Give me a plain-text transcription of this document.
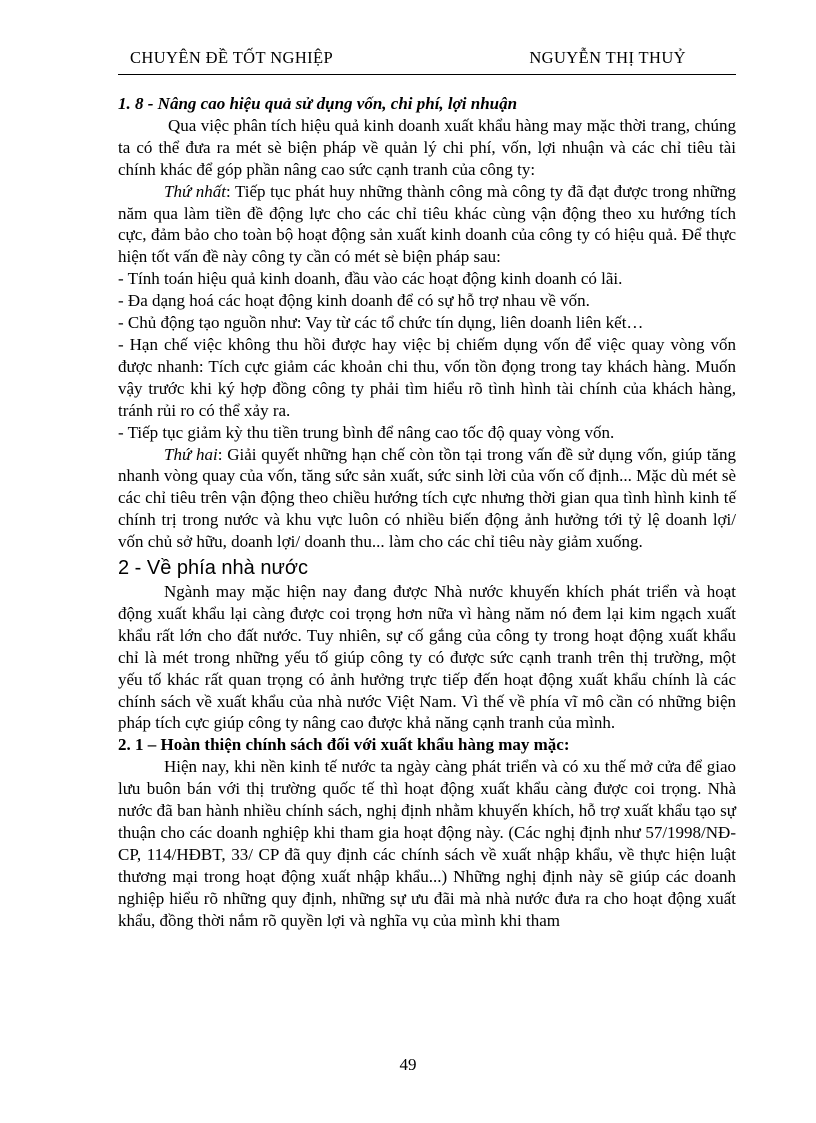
CHUYÊN ĐỀ TỐT NGHIỆP	NGUYỄN THỊ THUỶ

1. 8 - Nâng cao hiệu quả sử dụng vốn, chi phí, lợi nhuận

Qua việc phân tích hiệu quả kinh doanh xuất khẩu hàng may mặc thời trang, chúng ta có thể đưa ra mét sè biện pháp về quản lý chi phí, vốn, lợi nhuận và các chỉ tiêu tài chính khác để góp phần nâng cao sức cạnh tranh của công ty:

Thứ nhất: Tiếp tục phát huy những thành công mà công ty đã đạt được trong những năm qua làm tiền đề động lực cho các chỉ tiêu khác cùng vận động theo xu hướng tích cực, đảm bảo cho toàn bộ hoạt động sản xuất kinh doanh của công ty có hiệu quả. Để thực hiện tốt vấn đề này công ty cần có mét sè biện pháp sau:

- Tính toán hiệu quả kinh doanh, đầu vào các hoạt động kinh doanh có lãi.

- Đa dạng hoá các hoạt động kinh doanh để có sự hỗ trợ nhau về vốn.

- Chủ động tạo nguồn như: Vay từ các tổ chức tín dụng, liên doanh liên kết…

- Hạn chế việc không thu hồi được hay việc bị chiếm dụng vốn để việc quay vòng vốn được nhanh: Tích cực giảm các khoản chi thu, vốn tồn đọng trong tay khách hàng. Muốn vậy trước khi ký hợp đồng công ty phải tìm hiểu rõ tình hình tài chính của khách hàng, tránh rủi ro có thể xảy ra.

- Tiếp tục giảm kỳ thu tiền trung bình để nâng cao tốc độ quay vòng vốn.

Thứ hai: Giải quyết những hạn chế còn tồn tại trong vấn đề sử dụng vốn, giúp tăng nhanh vòng quay của vốn, tăng sức sản xuất, sức sinh lời của vốn cố định... Mặc dù mét sè các chỉ tiêu trên vận động theo chiều hướng tích cực nhưng thời gian qua tình hình kinh tế chính trị trong nước và khu vực luôn có nhiều biến động ảnh hưởng tới tỷ lệ doanh lợi/ vốn chủ sở hữu, doanh lợi/ doanh thu... làm cho các chỉ tiêu này giảm xuống.

2 - Về phía nhà nước

Ngành may mặc hiện nay đang được Nhà nước khuyến khích phát triển và hoạt động xuất khẩu lại càng được coi trọng hơn nữa vì hàng năm nó đem lại kim ngạch xuất khẩu rất lớn cho đất nước. Tuy nhiên, sự cố gắng của công ty trong hoạt động xuất khẩu chỉ là mét trong những yếu tố giúp công ty có được sức cạnh tranh trên thị trường, một yếu tố khác rất quan trọng có ảnh hưởng trực tiếp đến hoạt động xuất khẩu chính là các chính sách về xuất khẩu của nhà nước Việt Nam. Vì thế về phía vĩ mô cần có những biện pháp tích cực giúp công ty nâng cao được khả năng cạnh tranh của mình.

2. 1 – Hoàn thiện chính sách đối với xuất khẩu hàng may mặc:

Hiện nay, khi nền kinh tế nước ta ngày càng phát triển và có xu thế mở cửa để giao lưu buôn bán với thị trường quốc tế thì hoạt động xuất khẩu càng được coi trọng. Nhà nước đã ban hành nhiều chính sách, nghị định nhằm khuyến khích, hỗ trợ xuất khẩu tạo sự thuận cho các doanh nghiệp khi tham gia hoạt động này. (Các nghị định như 57/1998/NĐ-CP, 114/HĐBT, 33/ CP đã quy định các chính sách về xuất nhập khẩu, về thực hiện luật thương mại trong hoạt động xuất nhập khẩu...) Những nghị định này sẽ giúp các doanh nghiệp hiểu rõ những quy định, những sự ưu đãi mà nhà nước đưa ra cho hoạt động xuất khẩu, đồng thời nắm rõ quyền lợi và nghĩa vụ của mình khi tham

49
